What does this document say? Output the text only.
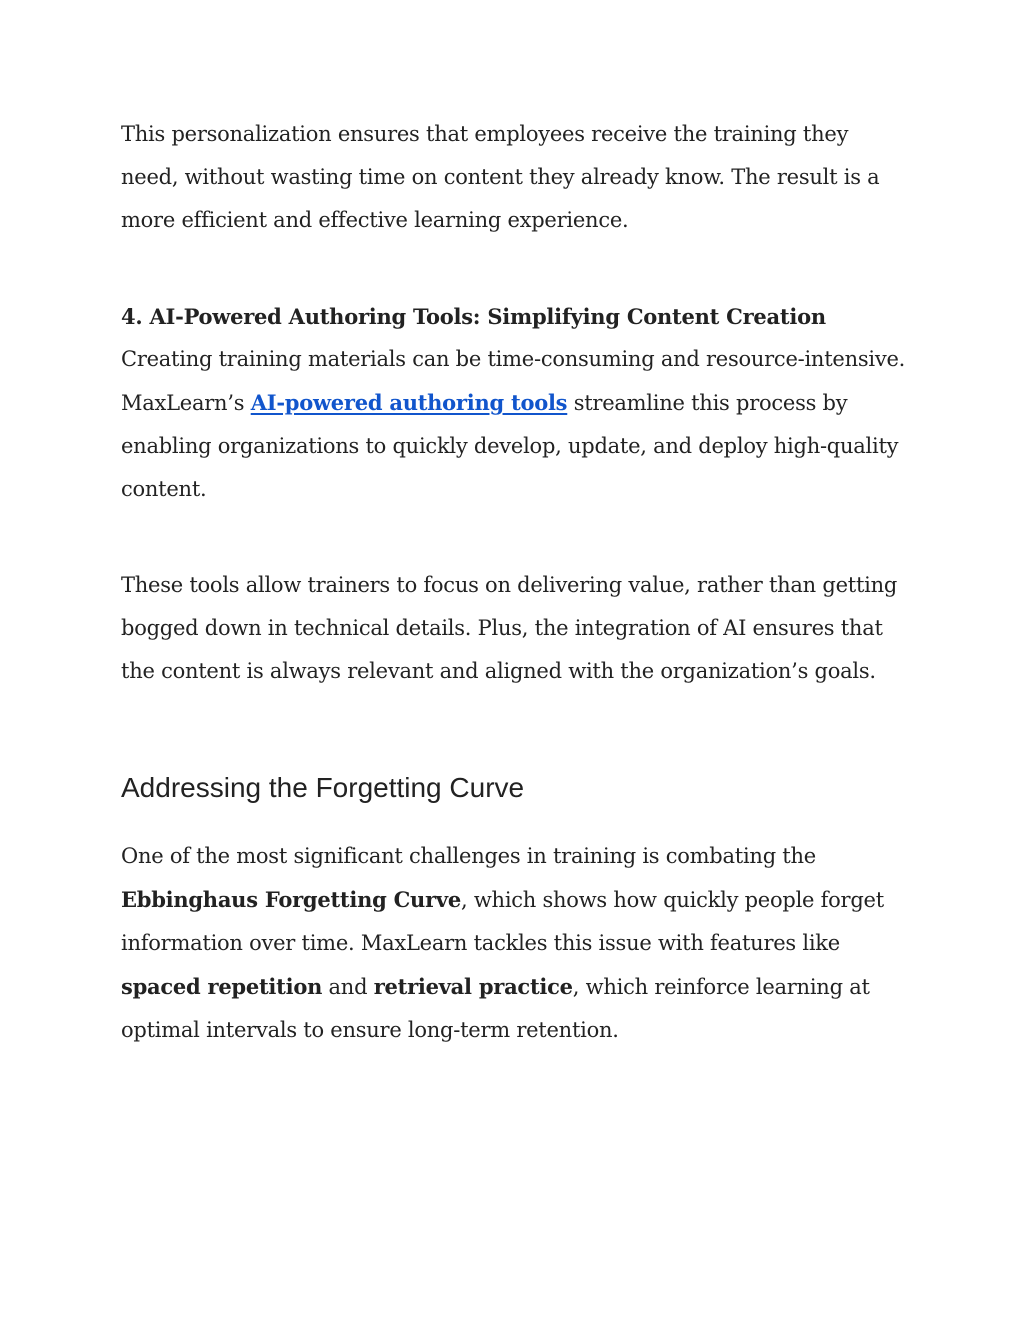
This personalization ensures that employees receive the training they need, without wasting time on content they already know. The result is a more efficient and effective learning experience.

4. AI-Powered Authoring Tools: Simplifying Content Creation

Creating training materials can be time-consuming and resource-intensive. MaxLearn’s AI-powered authoring tools streamline this process by enabling organizations to quickly develop, update, and deploy high-quality content.

These tools allow trainers to focus on delivering value, rather than getting bogged down in technical details. Plus, the integration of AI ensures that the content is always relevant and aligned with the organization’s goals.

Addressing the Forgetting Curve

One of the most significant challenges in training is combating the Ebbinghaus Forgetting Curve, which shows how quickly people forget information over time. MaxLearn tackles this issue with features like spaced repetition and retrieval practice, which reinforce learning at optimal intervals to ensure long-term retention.
